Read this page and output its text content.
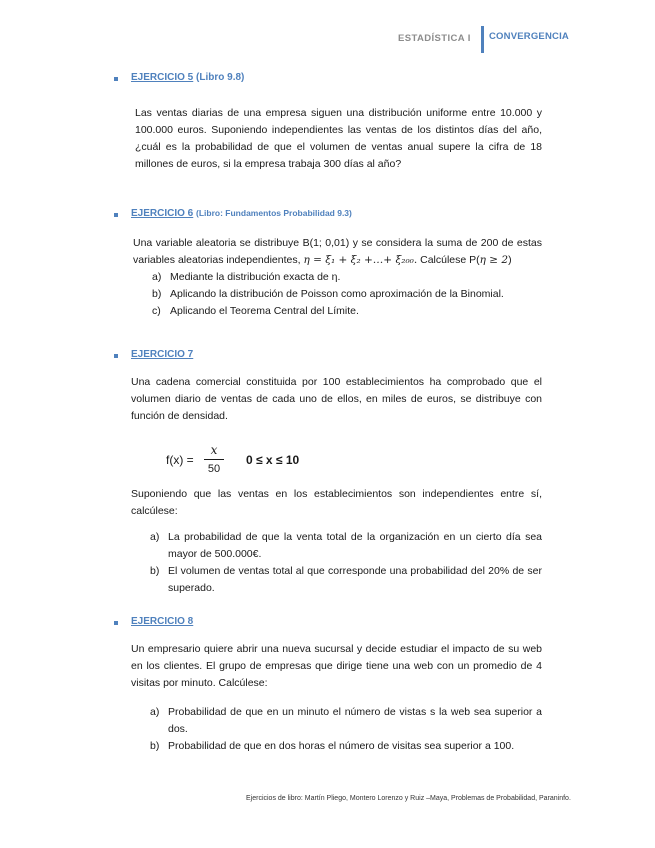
ESTADÍSTICA I CONVERGENCIA
EJERCICIO 5 (Libro 9.8)
Las ventas diarias de una empresa siguen una distribución uniforme entre 10.000 y 100.000 euros. Suponiendo independientes las ventas de los distintos días del año, ¿cuál es la probabilidad de que el volumen de ventas anual supere la cifra de 18 millones de euros, si la empresa trabaja 300 días al año?
EJERCICIO 6 (Libro: Fundamentos Probabilidad 9.3)
Una variable aleatoria se distribuye B(1; 0,01) y se considera la suma de 200 de estas variables aleatorias independientes, η = ξ₁ + ξ₂ +…+ ξ₂₀₀. Calcúlese P(η ≥ 2)
a) Mediante la distribución exacta de η.
b) Aplicando la distribución de Poisson como aproximación de la Binomial.
c) Aplicando el Teorema Central del Límite.
EJERCICIO 7
Una cadena comercial constituida por 100 establecimientos ha comprobado que el volumen diario de ventas de cada uno de ellos, en miles de euros, se distribuye con función de densidad.
f(x) =
x
50
0 ≤ x ≤ 10
Suponiendo que las ventas en los establecimientos son independientes entre sí, calcúlese:
a) La probabilidad de que la venta total de la organización en un cierto día sea mayor de 500.000€.
b) El volumen de ventas total al que corresponde una probabilidad del 20% de ser superado.
EJERCICIO 8
Un empresario quiere abrir una nueva sucursal y decide estudiar el impacto de su web en los clientes. El grupo de empresas que dirige tiene una web con un promedio de 4 visitas por minuto. Calcúlese:
a) Probabilidad de que en un minuto el número de vistas s la web sea superior a dos.
b) Probabilidad de que en dos horas el número de visitas sea superior a 100.
Ejercicios de libro: Martín Pliego, Montero Lorenzo y Ruiz –Maya, Problemas de Probabilidad, Paraninfo.
